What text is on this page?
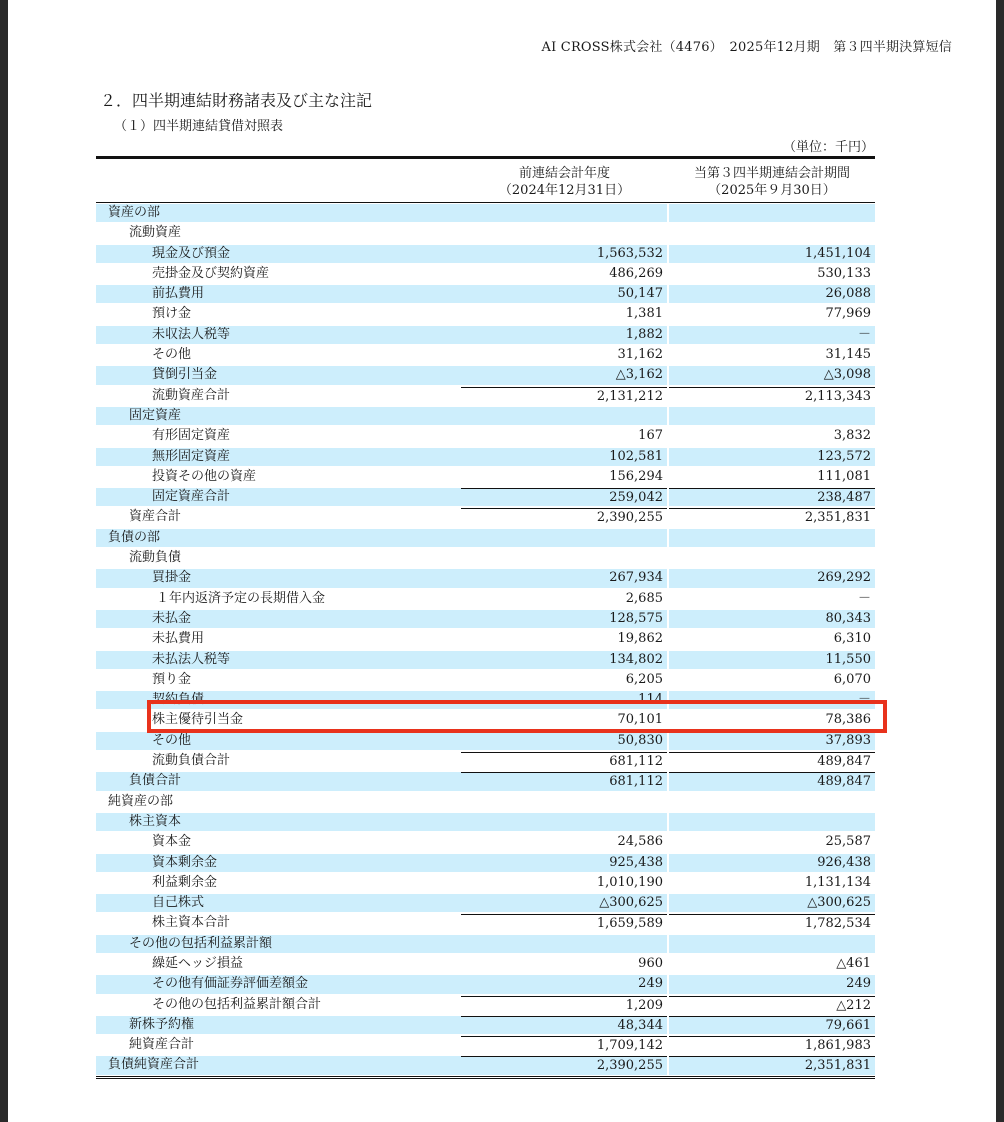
AI CROSS株式会社（4476）　2025年12月期　第３四半期決算短信
２．四半期連結財務諸表及び主な注記
（１）四半期連結貸借対照表
（単位：千円）
前連結会計年度
（2024年12月31日）
当第３四半期連結会計期間
（2025年９月30日）
資産の部
流動資産
現金及び預金	1,563,532	1,451,104
売掛金及び契約資産	486,269	530,133
前払費用	50,147	26,088
預け金	1,381	77,969
未収法人税等	1,882	－
その他	31,162	31,145
貸倒引当金	△3,162	△3,098
流動資産合計	2,131,212	2,113,343
固定資産
有形固定資産	167	3,832
無形固定資産	102,581	123,572
投資その他の資産	156,294	111,081
固定資産合計	259,042	238,487
資産合計	2,390,255	2,351,831
負債の部
流動負債
買掛金	267,934	269,292
１年内返済予定の長期借入金	2,685	－
未払金	128,575	80,343
未払費用	19,862	6,310
未払法人税等	134,802	11,550
預り金	6,205	6,070
契約負債	114	－
株主優待引当金	70,101	78,386
その他	50,830	37,893
流動負債合計	681,112	489,847
負債合計	681,112	489,847
純資産の部
株主資本
資本金	24,586	25,587
資本剰余金	925,438	926,438
利益剰余金	1,010,190	1,131,134
自己株式	△300,625	△300,625
株主資本合計	1,659,589	1,782,534
その他の包括利益累計額
繰延ヘッジ損益	960	△461
その他有価証券評価差額金	249	249
その他の包括利益累計額合計	1,209	△212
新株予約権	48,344	79,661
純資産合計	1,709,142	1,861,983
負債純資産合計	2,390,255	2,351,831
